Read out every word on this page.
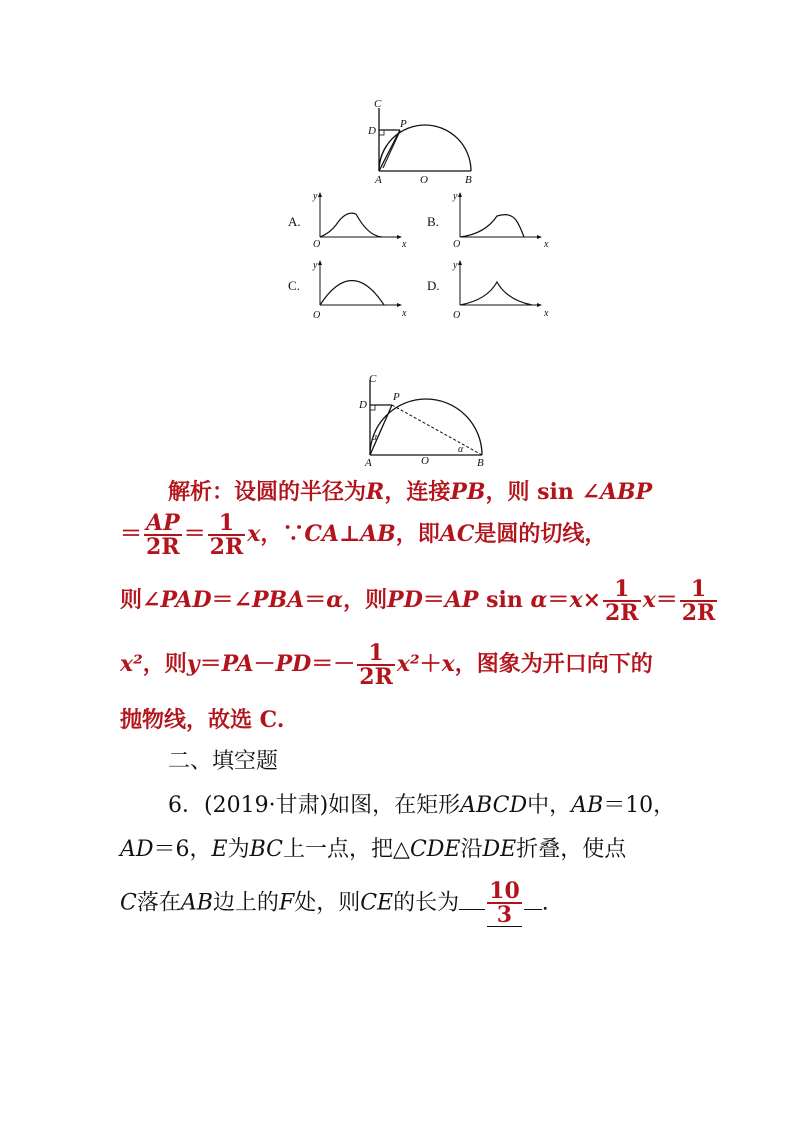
C
D
P
A	O	B
A.
y
x
O
B.
y
x
O
C.
y
x
O
D.
y
x
O
C
D
P
A	O	B
α
α
解析：设圆的半径为R，连接PB，则 sin ∠ABP
＝ $\frac{AP}{2R} = \frac{1}{2R}$ x，∵CA⊥AB，即AC是圆的切线，
则∠PAD＝∠PBA＝α，则PD＝AP $\sin \alpha=x\times \frac{1}{2R} x= \frac{1}{2R}$
x²，则$y=PA-PD=- \frac{1}{2R} x^2+x$，图象为开口向下的
抛物线，故选 C.
二、填空题
6．(2019·甘肃)如图，在矩形ABCD中，AB＝10，
AD＝6，E为BC上一点，把△CDE沿DE折叠，使点
C落在AB边上的F处，则CE的长为 $\frac{10}{3}$ .
